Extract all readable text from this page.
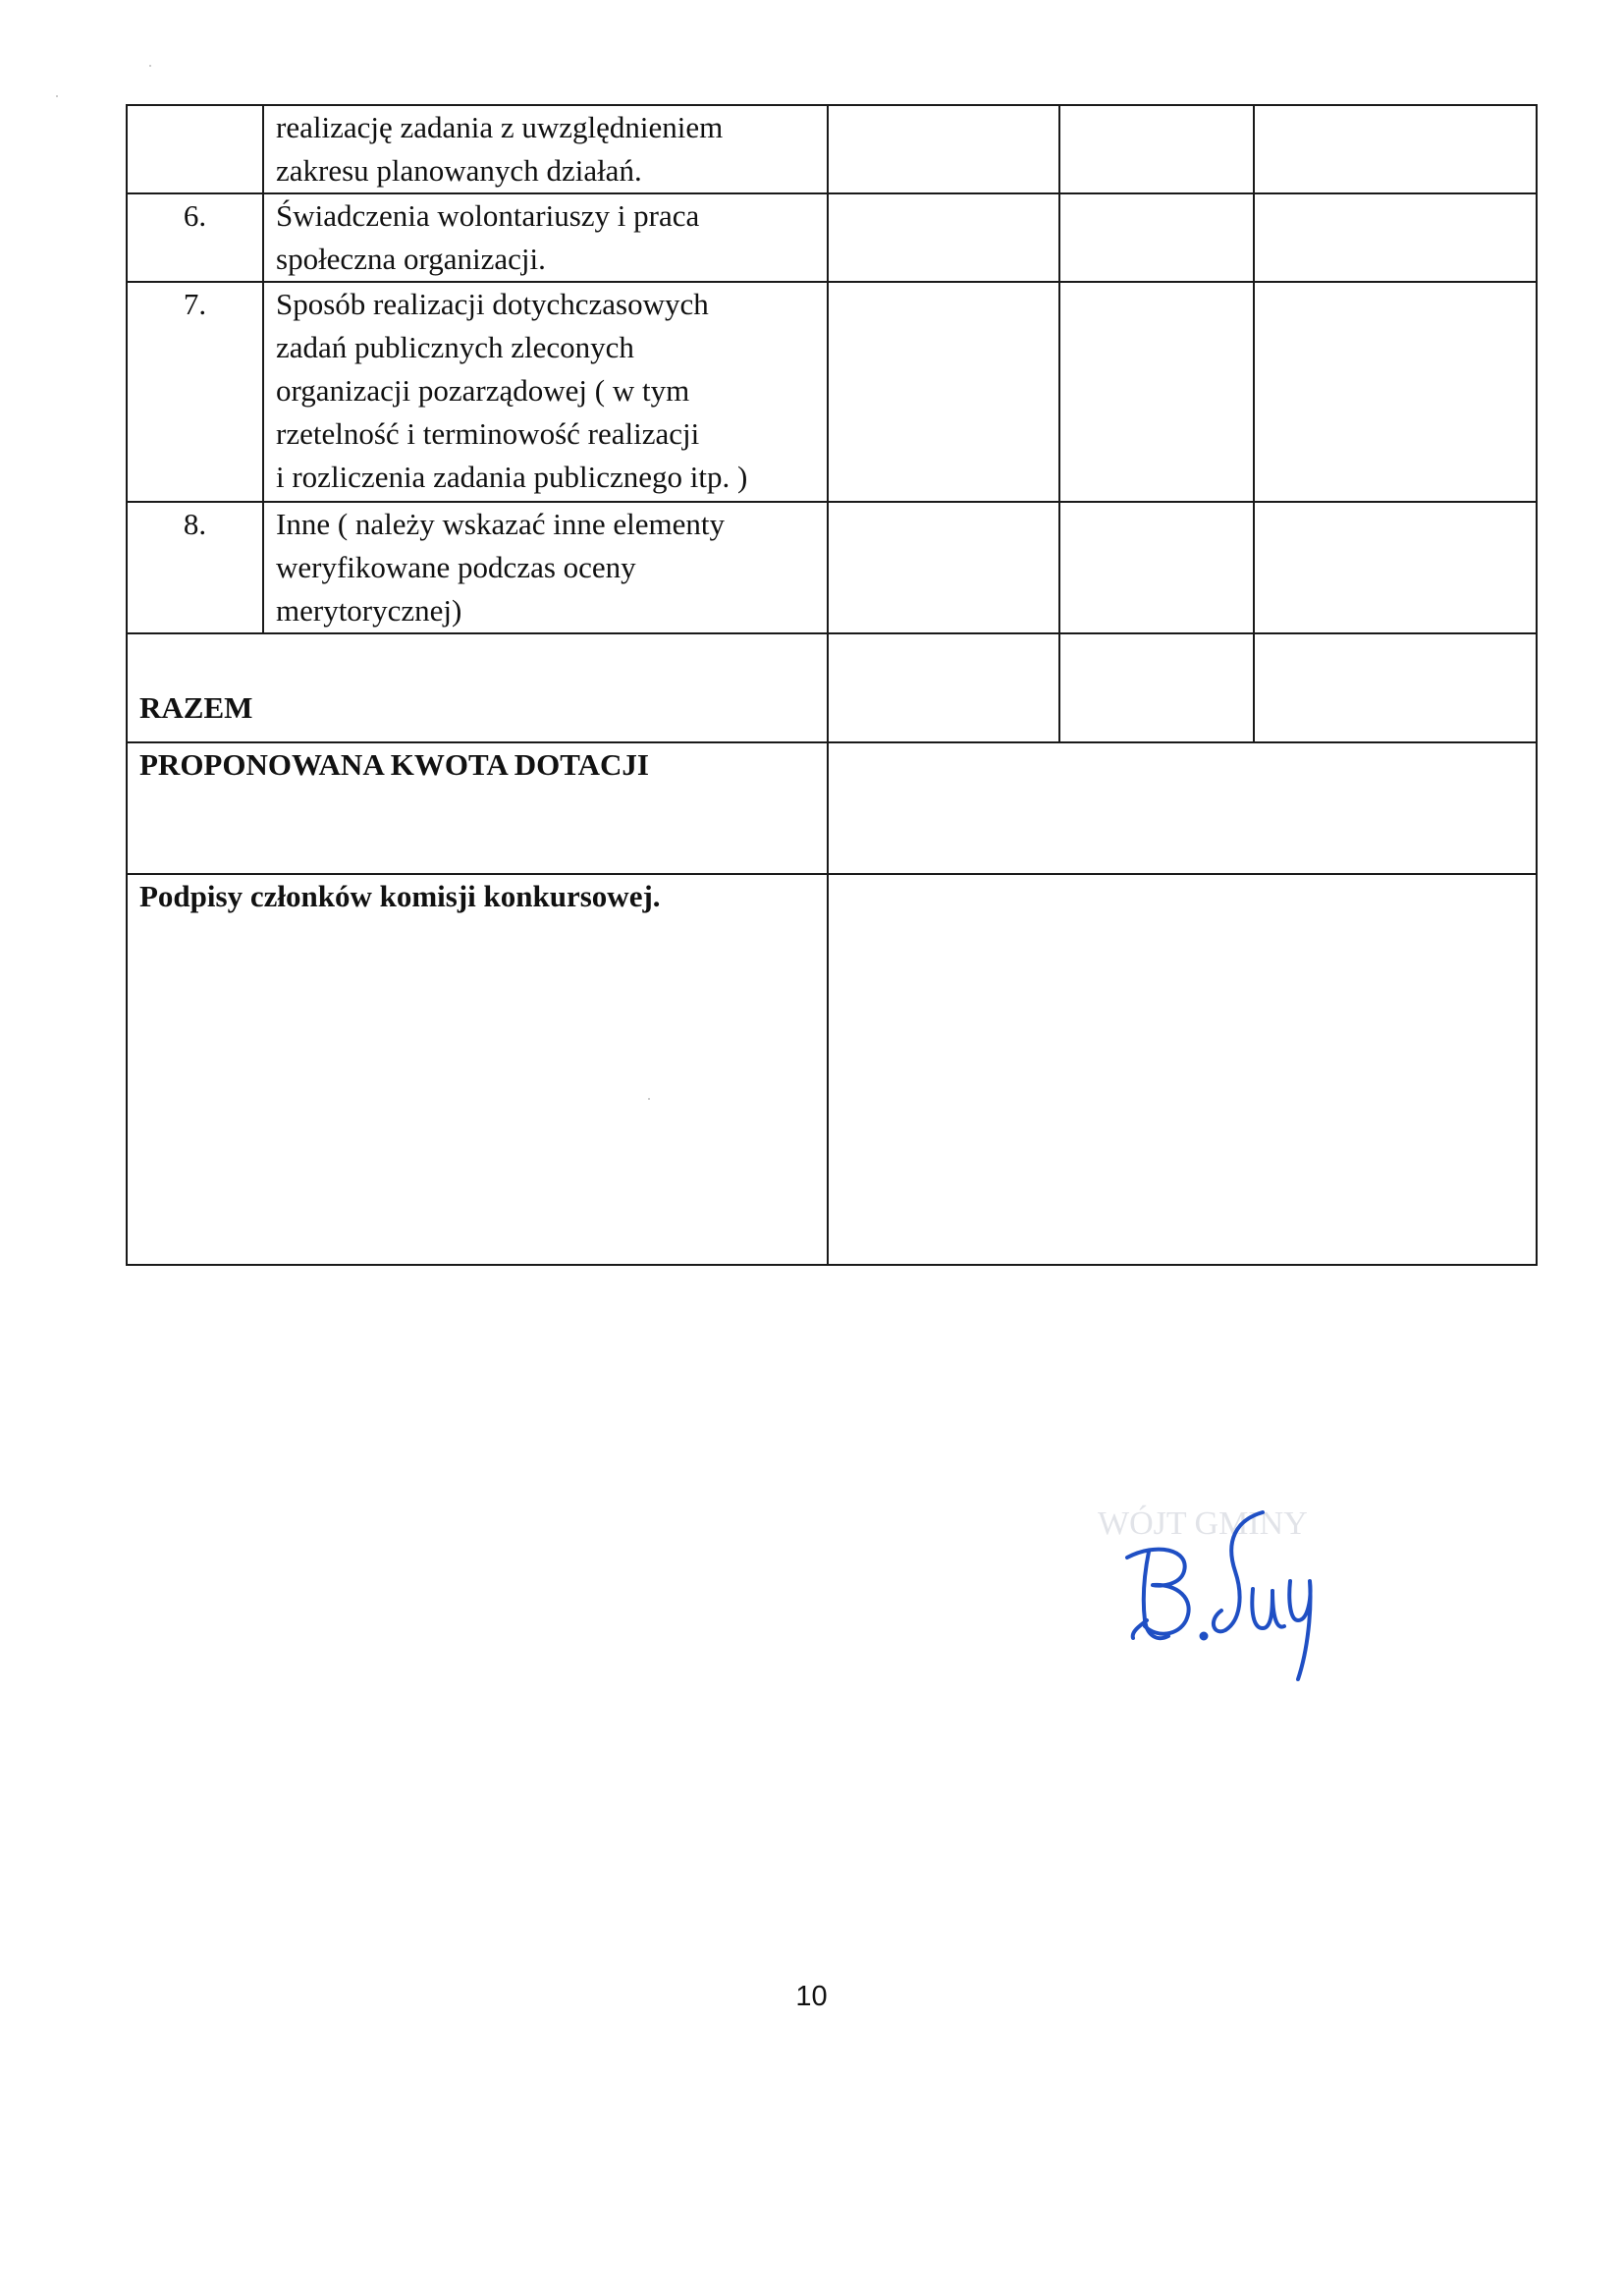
	realizację zadania z uwzględnieniem
zakresu planowanych działań.			

6.	Świadczenia wolontariuszy i praca
społeczna organizacji.			

7.	Sposób realizacji dotychczasowych
zadań publicznych zleconych
organizacji pozarządowej ( w tym
rzetelność i terminowość realizacji
i rozliczenia zadania publicznego itp. )			

8.	Inne ( należy wskazać inne elementy
weryfikowane podczas oceny
merytorycznej)			

RAZEM				
PROPONOWANA KWOTA DOTACJI				
Podpisy członków komisji konkursowej.				
WÓJT GMINY
10
